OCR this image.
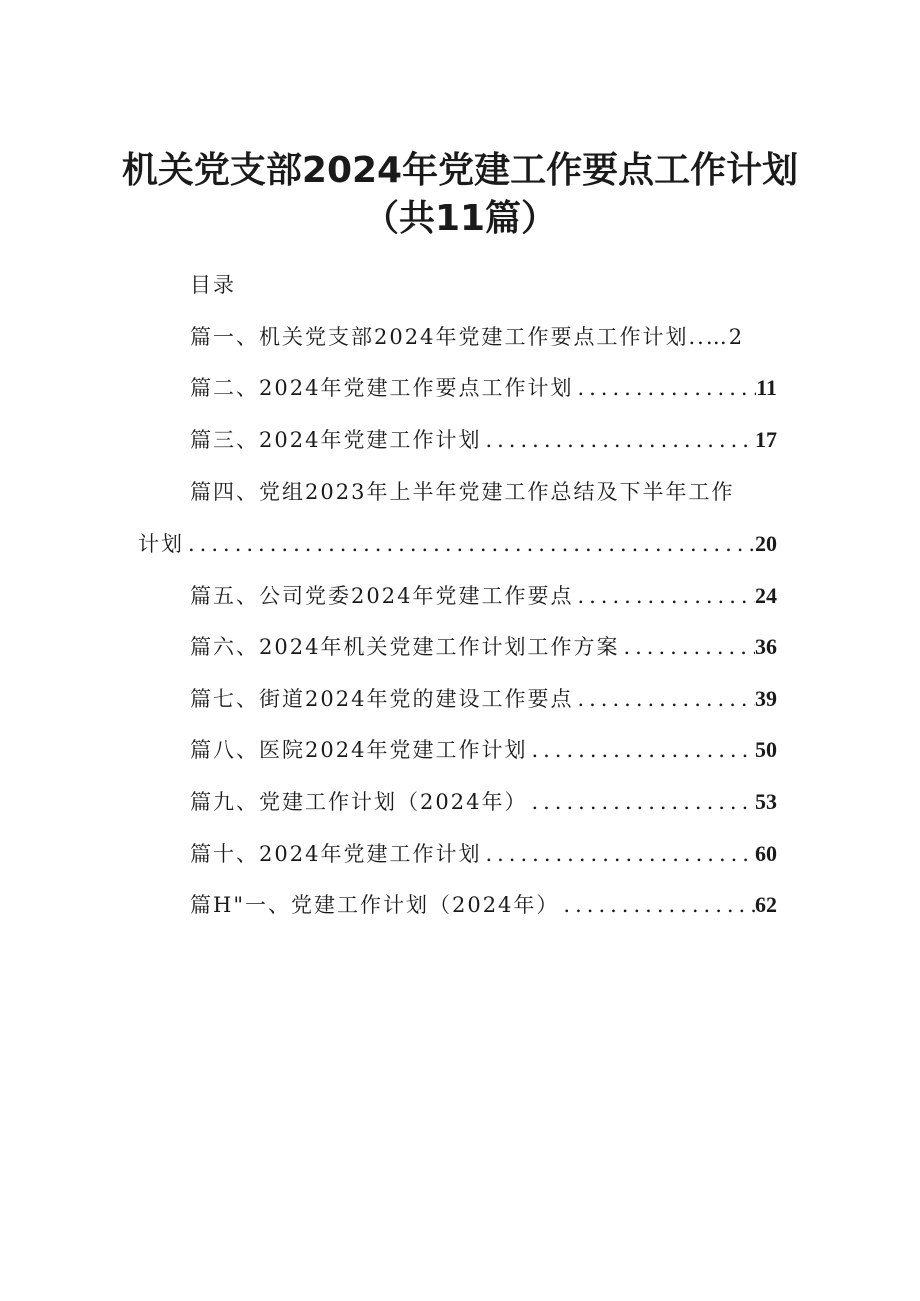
机关党支部2024年党建工作要点工作计划
（共11篇）
目录
篇一、机关党支部2024年党建工作要点工作计划 ..…2
篇二、2024年党建工作要点工作计划 .....	11
篇三、2024年党建工作计划 .....	17
篇四、党组2023年上半年党建工作总结及下半年工作
计划 .....	20
篇五、公司党委2024年党建工作要点 .....	24
篇六、2024年机关党建工作计划工作方案 .....	36
篇七、街道2024年党的建设工作要点 .....	39
篇八、医院2024年党建工作计划 .....	50
篇九、党建工作计划（2024年） .....	53
篇十、2024年党建工作计划 .....	60
篇H"一、党建工作计划（2024年） .....	62
